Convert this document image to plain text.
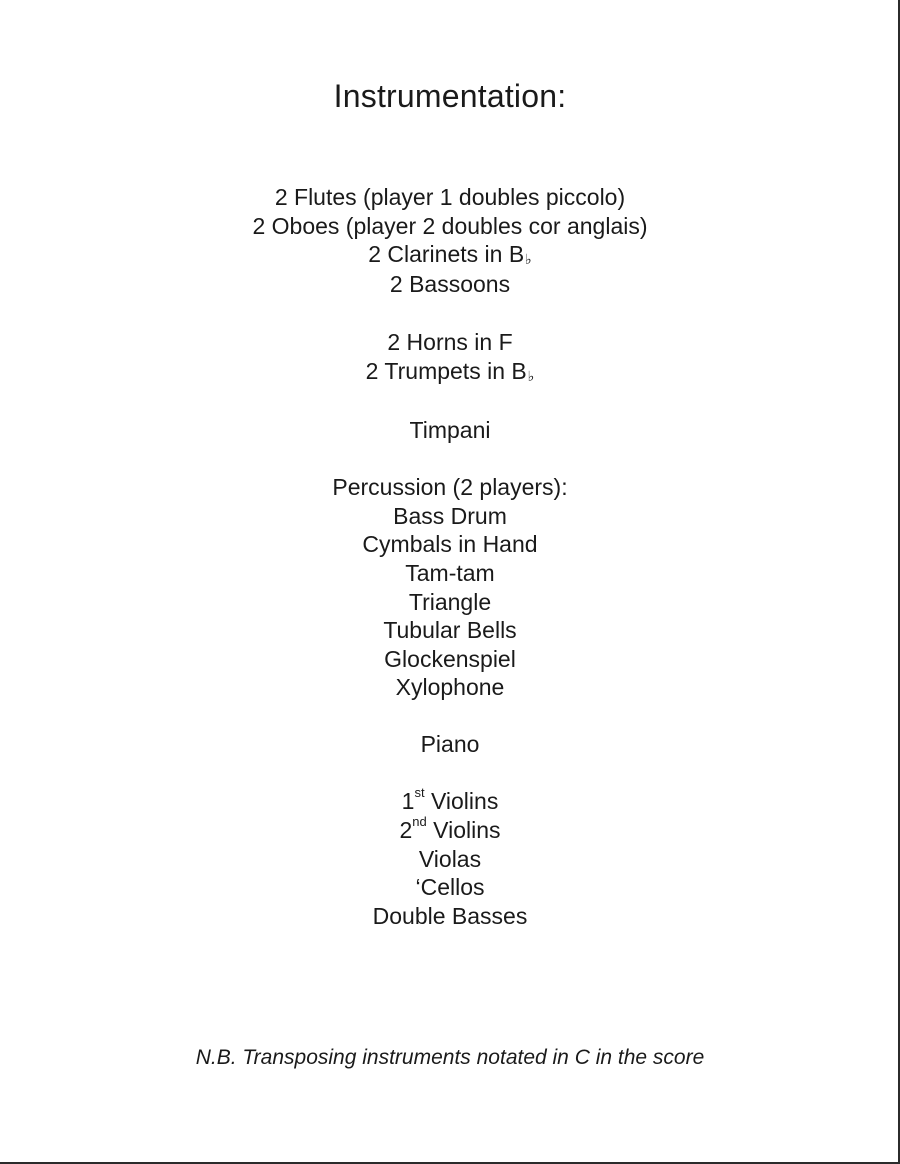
Instrumentation:
2 Flutes (player 1 doubles piccolo)
2 Oboes (player 2 doubles cor anglais)
2 Clarinets in B♭
2 Bassoons
2 Horns in F
2 Trumpets in B♭
Timpani
Percussion (2 players):
Bass Drum
Cymbals in Hand
Tam-tam
Triangle
Tubular Bells
Glockenspiel
Xylophone
Piano
1st Violins
2nd Violins
Violas
‘Cellos
Double Basses
N.B. Transposing instruments notated in C in the score
